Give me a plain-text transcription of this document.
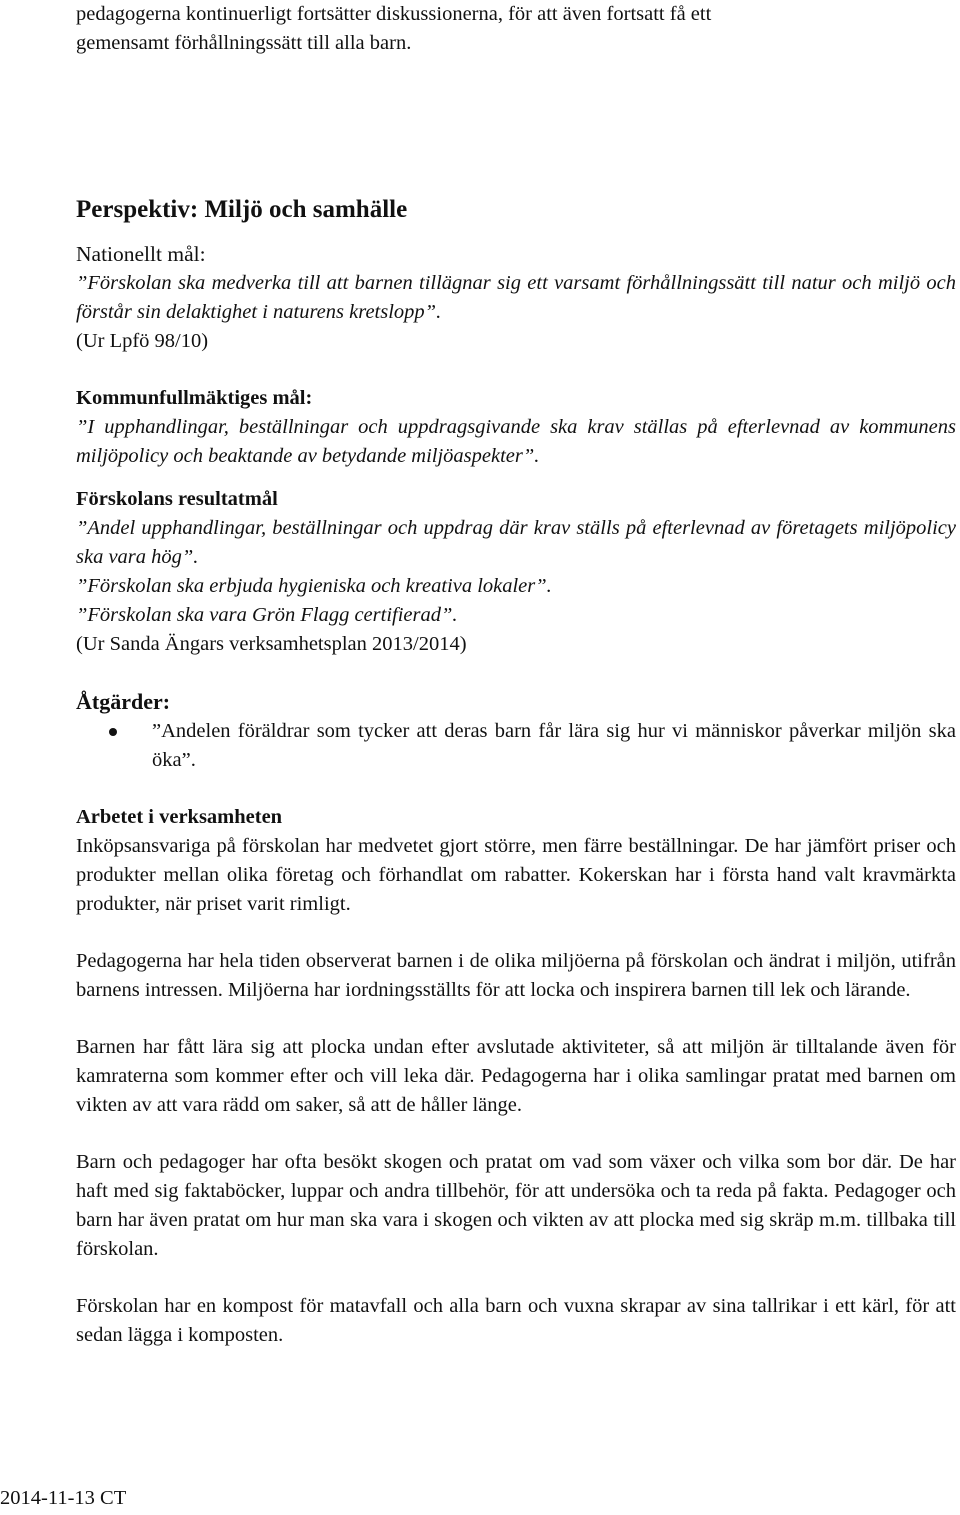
pedagogerna kontinuerligt fortsätter diskussionerna, för att även fortsatt få ett

gemensamt förhållningssätt till alla barn.

Perspektiv: Miljö och samhälle

Nationellt mål:

”Förskolan ska medverka till att barnen tillägnar sig ett varsamt förhållningssätt till natur och miljö och förstår sin delaktighet i naturens kretslopp”.

(Ur Lpfö 98/10)

Kommunfullmäktiges mål:

”I upphandlingar, beställningar och uppdragsgivande ska krav ställas på efterlevnad av kommunens miljöpolicy och beaktande av betydande miljöaspekter”.

Förskolans resultatmål

”Andel upphandlingar, beställningar och uppdrag där krav ställs på efterlevnad av företagets miljöpolicy ska vara hög”.

”Förskolan ska erbjuda hygieniska och kreativa lokaler”.

”Förskolan ska vara Grön Flagg certifierad”.

(Ur Sanda Ängars verksamhetsplan 2013/2014)

Åtgärder:

”Andelen föräldrar som tycker att deras barn får lära sig hur vi människor påverkar miljön ska öka”.

Arbetet i verksamheten

Inköpsansvariga på förskolan har medvetet gjort större, men färre beställningar. De har jämfört priser och produkter mellan olika företag och förhandlat om rabatter. Kokerskan har i första hand valt kravmärkta produkter, när priset varit rimligt.

Pedagogerna har hela tiden observerat barnen i de olika miljöerna på förskolan och ändrat i miljön, utifrån barnens intressen. Miljöerna har iordningsställts för att locka och inspirera barnen till lek och lärande.

Barnen har fått lära sig att plocka undan efter avslutade aktiviteter, så att miljön är tilltalande även för kamraterna som kommer efter och vill leka där. Pedagogerna har i olika samlingar pratat med barnen om vikten av att vara rädd om saker, så att de håller länge.

Barn och pedagoger har ofta besökt skogen och pratat om vad som växer och vilka som bor där. De har haft med sig faktaböcker, luppar och andra tillbehör, för att undersöka och ta reda på fakta. Pedagoger och barn har även pratat om hur man ska vara i skogen och vikten av att plocka med sig skräp m.m. tillbaka till förskolan.

Förskolan har en kompost för matavfall och alla barn och vuxna skrapar av sina tallrikar i ett kärl, för att sedan lägga i komposten.

2014-11-13 CT
